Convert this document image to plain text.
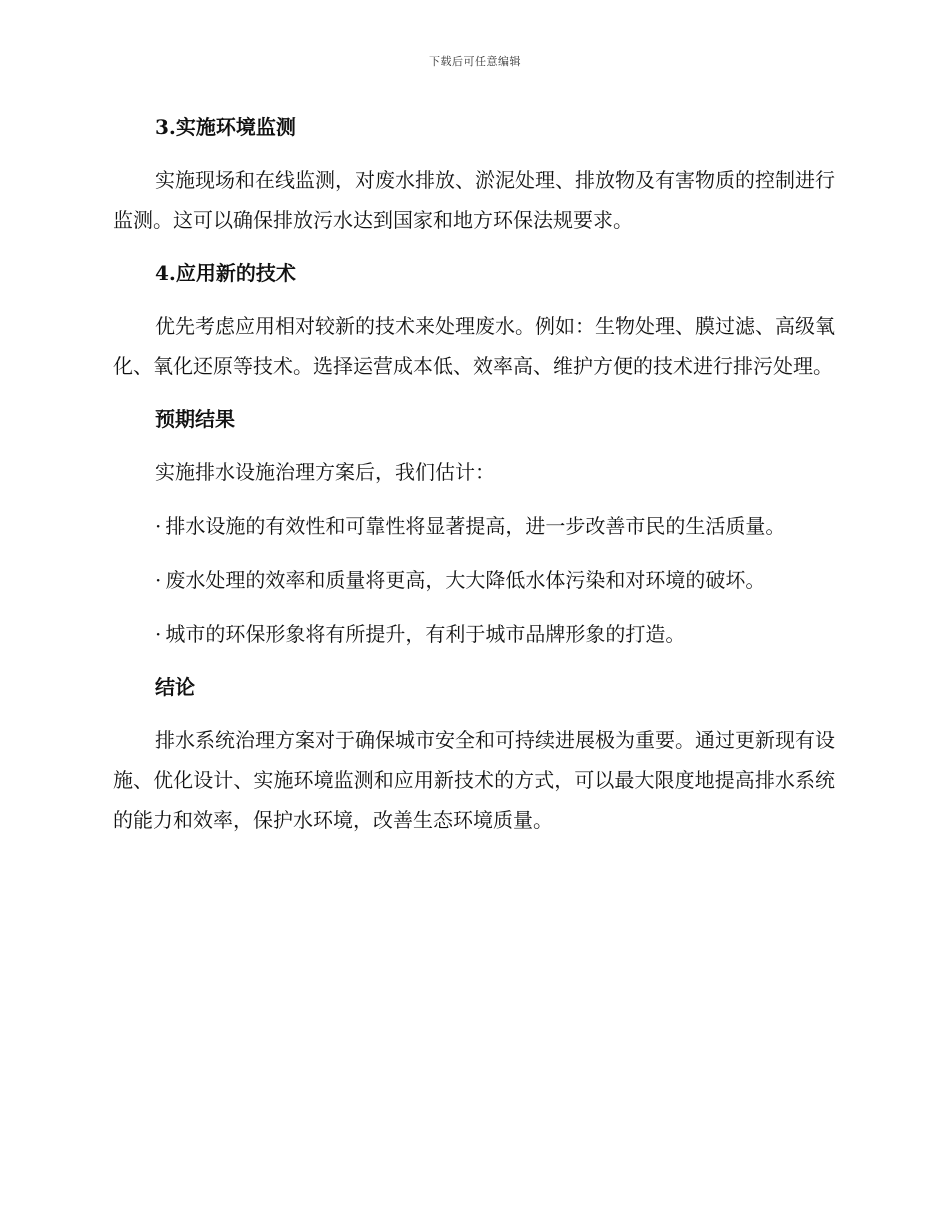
下载后可任意编辑
3.实施环境监测

实施现场和在线监测，对废水排放、淤泥处理、排放物及有害物质的控制进行监测。这可以确保排放污水达到国家和地方环保法规要求。

4.应用新的技术

优先考虑应用相对较新的技术来处理废水。例如：生物处理、膜过滤、高级氧化、氧化还原等技术。选择运营成本低、效率高、维护方便的技术进行排污处理。

预期结果

实施排水设施治理方案后，我们估计：

· 排水设施的有效性和可靠性将显著提高，进一步改善市民的生活质量。

· 废水处理的效率和质量将更高，大大降低水体污染和对环境的破坏。

· 城市的环保形象将有所提升，有利于城市品牌形象的打造。

结论

排水系统治理方案对于确保城市安全和可持续进展极为重要。通过更新现有设施、优化设计、实施环境监测和应用新技术的方式，可以最大限度地提高排水系统的能力和效率，保护水环境，改善生态环境质量。
